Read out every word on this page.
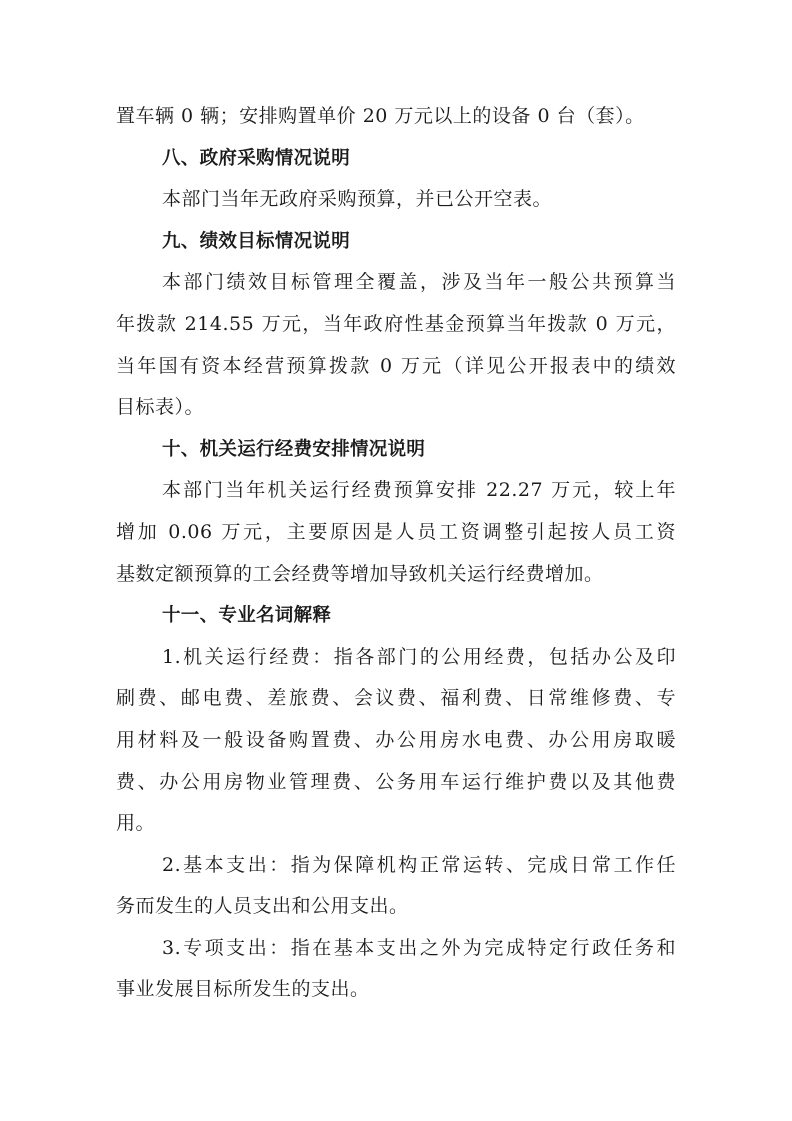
置车辆 0 辆；安排购置单价 20 万元以上的设备 0 台（套）。
八、政府采购情况说明
本部门当年无政府采购预算，并已公开空表。
九、绩效目标情况说明
本部门绩效目标管理全覆盖，涉及当年一般公共预算当
年拨款 214.55 万元，当年政府性基金预算当年拨款 0 万元，
当年国有资本经营预算拨款 0 万元（详见公开报表中的绩效
目标表）。
十、机关运行经费安排情况说明
本部门当年机关运行经费预算安排 22.27 万元，较上年
增加 0.06 万元，主要原因是人员工资调整引起按人员工资
基数定额预算的工会经费等增加导致机关运行经费增加。
十一、专业名词解释
1.机关运行经费：指各部门的公用经费，包括办公及印
刷费、邮电费、差旅费、会议费、福利费、日常维修费、专
用材料及一般设备购置费、办公用房水电费、办公用房取暖
费、办公用房物业管理费、公务用车运行维护费以及其他费
用。
2.基本支出：指为保障机构正常运转、完成日常工作任
务而发生的人员支出和公用支出。
3.专项支出：指在基本支出之外为完成特定行政任务和
事业发展目标所发生的支出。
